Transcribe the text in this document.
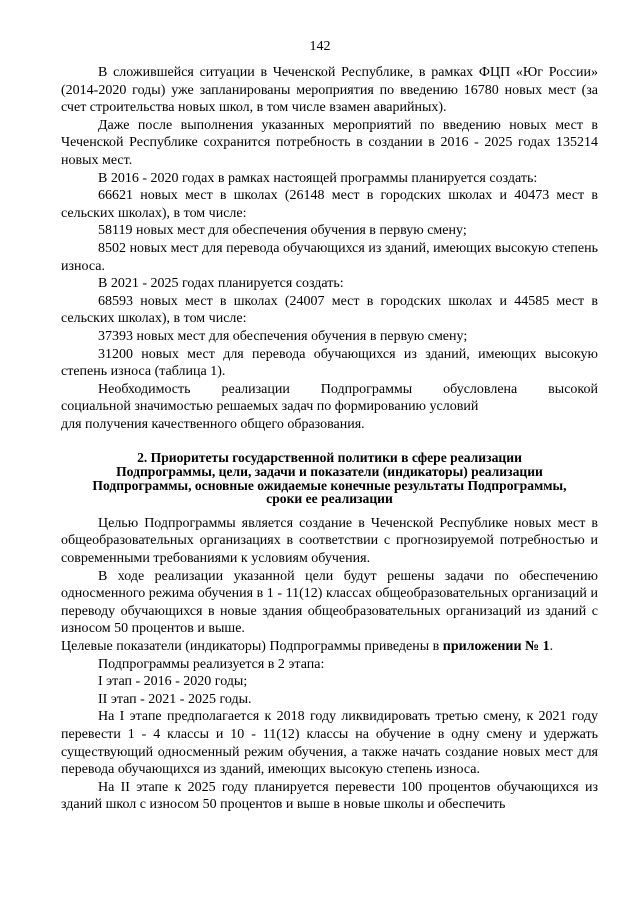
142

В сложившейся ситуации в Чеченской Республике, в рамках ФЦП «Юг России» (2014-2020 годы) уже запланированы мероприятия по введению 16780 новых мест (за счет строительства новых школ, в том числе взамен аварийных).

Даже после выполнения указанных мероприятий по введению новых мест в Чеченской Республике сохранится потребность в создании в 2016 - 2025 годах 135214 новых мест.

В 2016 - 2020 годах в рамках настоящей программы планируется создать:

66621 новых мест в школах (26148 мест в городских школах и 40473 мест в сельских школах), в том числе:

58119 новых мест для обеспечения обучения в первую смену;

8502 новых мест для перевода обучающихся из зданий, имеющих высокую степень износа.

В 2021 - 2025 годах планируется создать:

68593 новых мест в школах (24007 мест в городских школах и 44585 мест в сельских школах), в том числе:

37393 новых мест для обеспечения обучения в первую смену;

31200 новых мест для перевода обучающихся из зданий, имеющих высокую степень износа (таблица 1).

Необходимость реализации Подпрограммы обусловлена высокой

социальной значимостью решаемых задач по формированию условий

для получения качественного общего образования.

2. Приоритеты государственной политики в сфере реализации
Подпрограммы, цели, задачи и показатели (индикаторы) реализации
Подпрограммы, основные ожидаемые конечные результаты Подпрограммы,
сроки ее реализации

Целью Подпрограммы является создание в Чеченской Республике новых мест в общеобразовательных организациях в соответствии с прогнозируемой потребностью и современными требованиями к условиям обучения.

В ходе реализации указанной цели будут решены задачи по обеспечению односменного режима обучения в 1 - 11(12) классах общеобразовательных организаций и переводу обучающихся в новые здания общеобразовательных организаций из зданий с износом 50 процентов и выше.

Целевые показатели (индикаторы) Подпрограммы приведены в приложении № 1.

Подпрограммы реализуется в 2 этапа:

I этап - 2016 - 2020 годы;

II этап - 2021 - 2025 годы.

На I этапе предполагается к 2018 году ликвидировать третью смену, к 2021 году перевести 1 - 4 классы и 10 - 11(12) классы на обучение в одну смену и удержать существующий односменный режим обучения, а также начать создание новых мест для перевода обучающихся из зданий, имеющих высокую степень износа.

На II этапе к 2025 году планируется перевести 100 процентов обучающихся из зданий школ с износом 50 процентов и выше в новые школы и обеспечить
